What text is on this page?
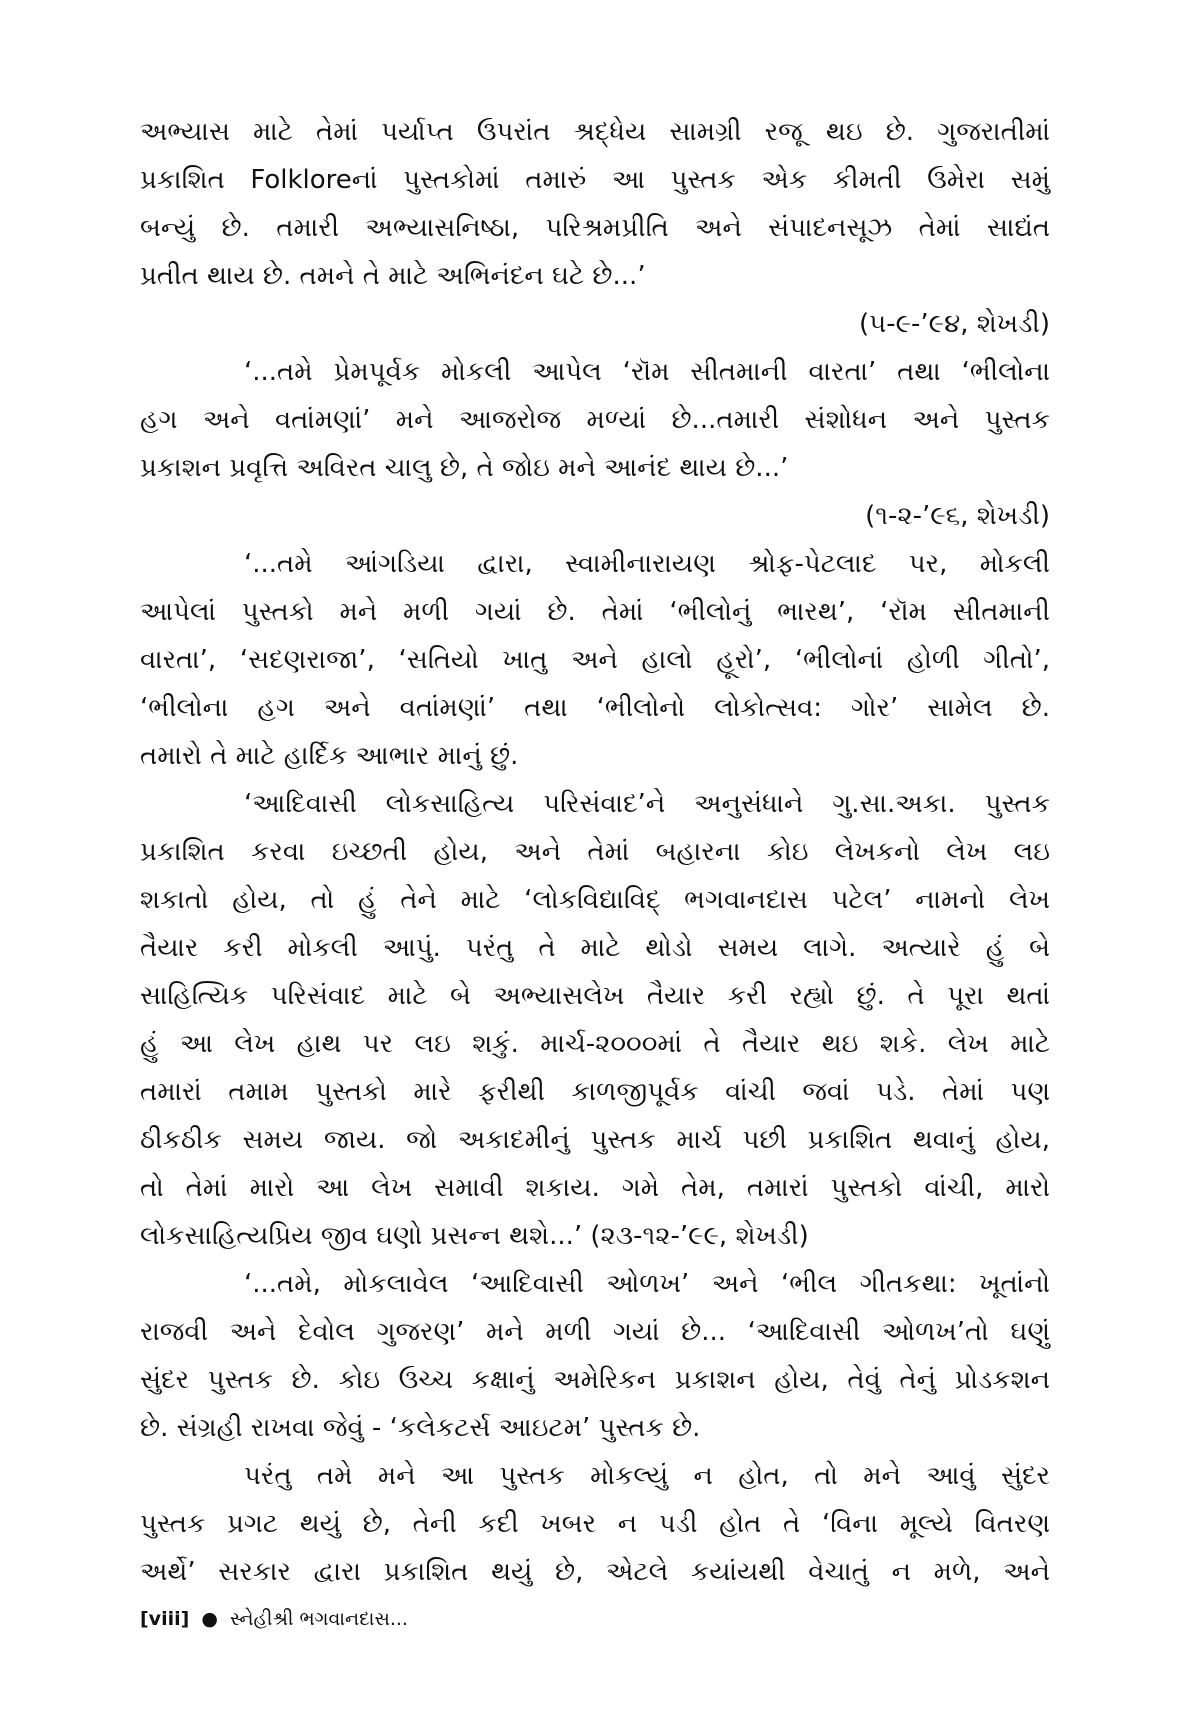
અભ્યાસ માટે તેમાં પર્યાપ્ત ઉપરાંત શ્રદ્ધેય સામગ્રી રજૂ થઇ છે. ગુજરાતીમાં
પ્રકાશિત Folkloreનાં પુસ્તકોમાં તમારું આ પુસ્તક એક કીમતી ઉમેરા સમું
બન્યું છે. તમારી અભ્યાસનિષ્ઠા, પરિશ્રમપ્રીતિ અને સંપાદનસૂઝ તેમાં સાદ્યંત
પ્રતીત થાય છે. તમને તે માટે અભિનંદન ઘટે છે...’
(૫-૯-’૯૪, શેખડી)
‘...તમે પ્રેમપૂર્વક મોકલી આપેલ ‘રૉમ સીતમાની વારતા’ તથા ‘ભીલોના
હગ અને વતાંમણાં’ મને આજરોજ મળ્યાં છે...તમારી સંશોધન અને પુસ્તક
પ્રકાશન પ્રવૃત્તિ અવિરત ચાલુ છે, તે જોઇ મને આનંદ થાય છે...’
(૧-૨-’૯૬, શેખડી)
‘...તમે આંગડિયા દ્વારા, સ્વામીનારાયણ શ્રોફ-પેટલાદ પર, મોકલી
આપેલાં પુસ્તકો મને મળી ગયાં છે. તેમાં ‘ભીલોનું ભારથ’, ‘રૉમ સીતમાની
વારતા’, ‘સદણરાજા’, ‘સતિયો ખાતુ અને હાલો હૂરો’, ‘ભીલોનાં હોળી ગીતો’,
‘ભીલોના હગ અને વતાંમણાં’ તથા ‘ભીલોનો લોકોત્સવ: ગોર’ સામેલ છે.
તમારો તે માટે હાર્દિક આભાર માનું છું.
‘આદિવાસી લોકસાહિત્ય પરિસંવાદ’ને અનુસંધાને ગુ.સા.અકા. પુસ્તક
પ્રકાશિત કરવા ઇચ્છતી હોય, અને તેમાં બહારના કોઇ લેખકનો લેખ લઇ
શકાતો હોય, તો હું તેને માટે ‘લોકવિદ્યાવિદ્ ભગવાનદાસ પટેલ’ નામનો લેખ
તૈયાર કરી મોકલી આપું. પરંતુ તે માટે થોડો સમય લાગે. અત્યારે હું બે
સાહિત્યિક પરિસંવાદ માટે બે અભ્યાસલેખ તૈયાર કરી રહ્યો છું. તે પૂરા થતાં
હું આ લેખ હાથ પર લઇ શકું. માર્ચ-૨૦૦૦માં તે તૈયાર થઇ શકે. લેખ માટે
તમારાં તમામ પુસ્તકો મારે ફરીથી કાળજીપૂર્વક વાંચી જવાં પડે. તેમાં પણ
ઠીકઠીક સમય જાય. જો અકાદમીનું પુસ્તક માર્ચ પછી પ્રકાશિત થવાનું હોય,
તો તેમાં મારો આ લેખ સમાવી શકાય. ગમે તેમ, તમારાં પુસ્તકો વાંચી, મારો
લોકસાહિત્યપ્રિય જીવ ઘણો પ્રસન્ન થશે...’ (૨૩-૧૨-’૯૯, શેખડી)
‘...તમે, મોકલાવેલ ‘આદિવાસી ઓળખ’ અને ‘ભીલ ગીતકથા: ખૂતાંનો
રાજવી અને દેવોલ ગુજરણ’ મને મળી ગયાં છે... ‘આદિવાસી ઓળખ’તો ઘણું
સુંદર પુસ્તક છે. કોઇ ઉચ્ચ કક્ષાનું અમેરિકન પ્રકાશન હોય, તેવું તેનું પ્રોડકશન
છે. સંગ્રહી રાખવા જેવું - ‘કલેકટર્સ આઇટમ’ પુસ્તક છે.
પરંતુ તમે મને આ પુસ્તક મોકલ્યું ન હોત, તો મને આવું સુંદર
પુસ્તક પ્રગટ થયું છે, તેની કદી ખબર ન પડી હોત તે ‘વિના મૂલ્યે વિતરણ
અર્થે’ સરકાર દ્વારા પ્રકાશિત થયું છે, એટલે કયાંયથી વેચાતું ન મળે, અને
[viii] ● સ્નેહીશ્રી ભગવાનદાસ...
